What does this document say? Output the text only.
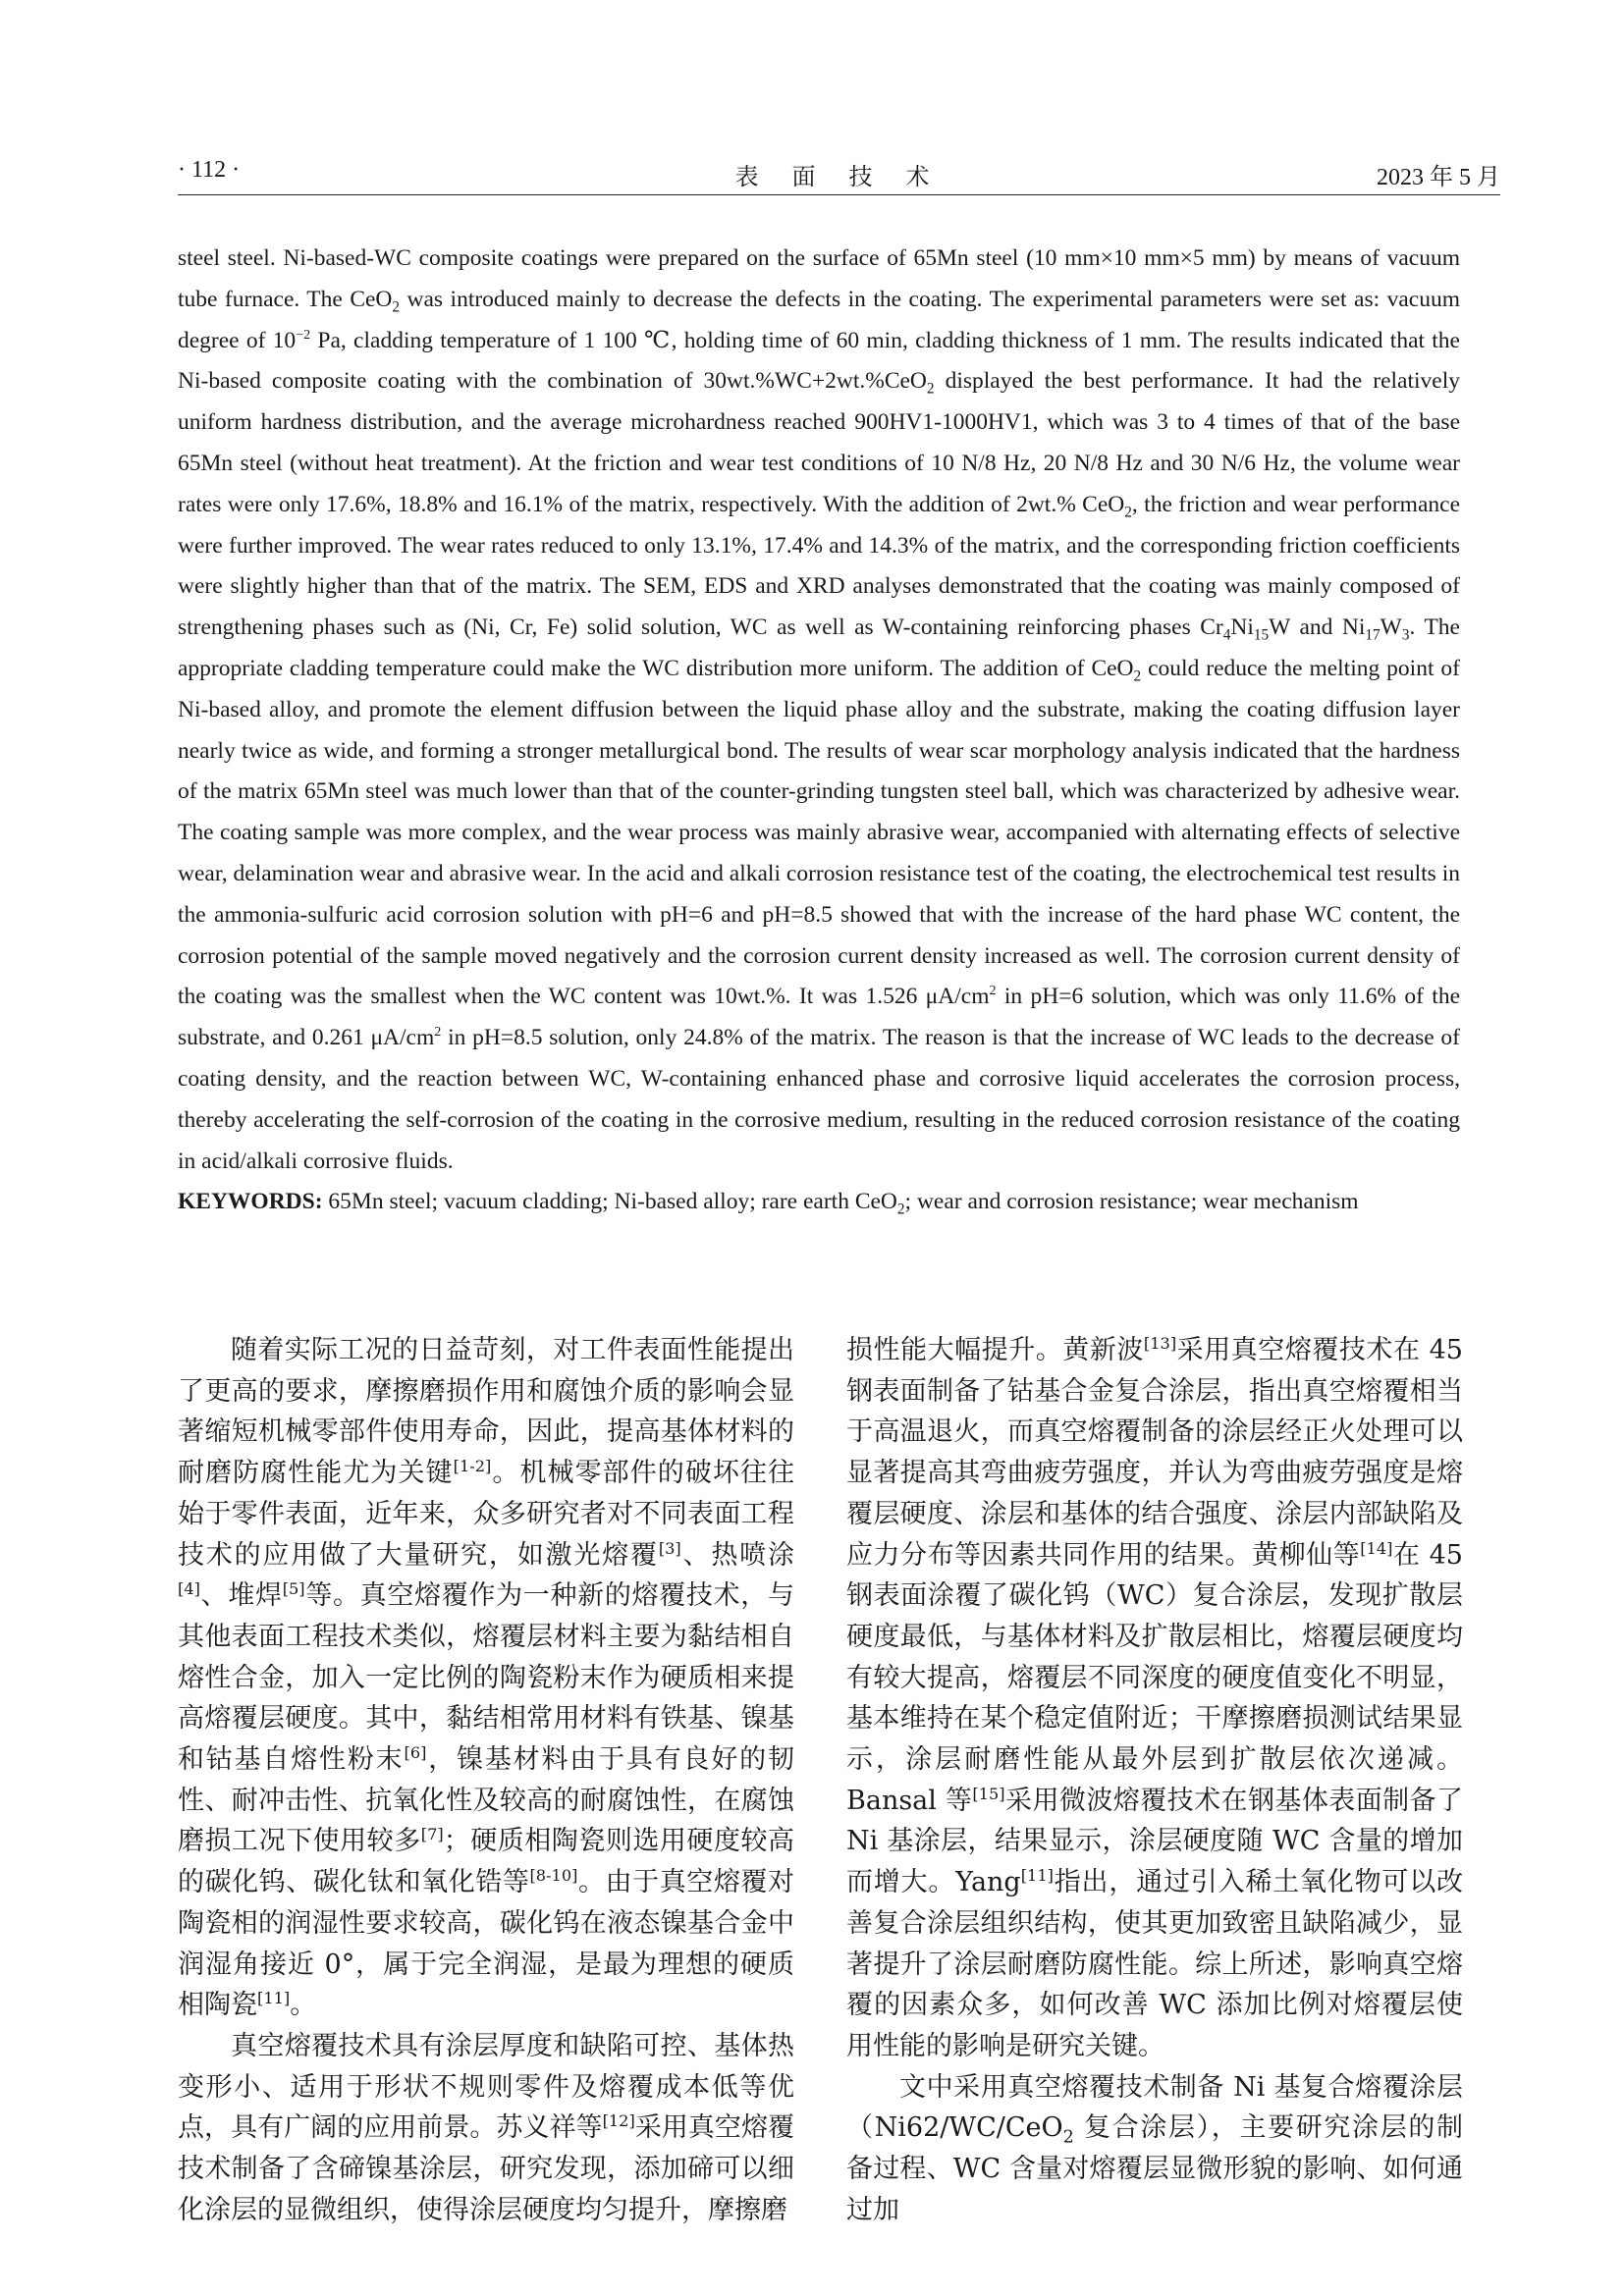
· 112 ·	表 面 技 术	2023 年 5 月

steel steel. Ni-based-WC composite coatings were prepared on the surface of 65Mn steel (10 mm×10 mm×5 mm) by means of vacuum tube furnace. The CeO$_2$ was introduced mainly to decrease the defects in the coating. The experimental parameters were set as: vacuum degree of $10^{-2}$ Pa, cladding temperature of 1 100 ℃, holding time of 60 min, cladding thickness of 1 mm. The results indicated that the Ni-based composite coating with the combination of 30wt.%WC+2wt.%CeO$_2$ displayed the best performance. It had the relatively uniform hardness distribution, and the average microhardness reached 900HV1-1000HV1, which was 3 to 4 times of that of the base 65Mn steel (without heat treatment). At the friction and wear test conditions of 10 N/8 Hz, 20 N/8 Hz and 30 N/6 Hz, the volume wear rates were only 17.6%, 18.8% and 16.1% of the matrix, respectively. With the addition of 2wt.% CeO$_2$, the friction and wear performance were further improved. The wear rates reduced to only 13.1%, 17.4% and 14.3% of the matrix, and the corresponding friction coefficients were slightly higher than that of the matrix. The SEM, EDS and XRD analyses demonstrated that the coating was mainly composed of strengthening phases such as (Ni, Cr, Fe) solid solution, WC as well as W-containing reinforcing phases $Cr_4Ni_{15}W$ and $Ni_{17}W_3$. The appropriate cladding temperature could make the WC distribution more uniform. The addition of CeO$_2$ could reduce the melting point of Ni-based alloy, and promote the element diffusion between the liquid phase alloy and the substrate, making the coating diffusion layer nearly twice as wide, and forming a stronger metallurgical bond. The results of wear scar morphology analysis indicated that the hardness of the matrix 65Mn steel was much lower than that of the counter-grinding tungsten steel ball, which was characterized by adhesive wear. The coating sample was more complex, and the wear process was mainly abrasive wear, accompanied with alternating effects of selective wear, delamination wear and abrasive wear. In the acid and alkali corrosion resistance test of the coating, the electrochemical test results in the ammonia-sulfuric acid corrosion solution with pH=6 and pH=8.5 showed that with the increase of the hard phase WC content, the corrosion potential of the sample moved negatively and the corrosion current density increased as well. The corrosion current density of the coating was the smallest when the WC content was 10wt.%. It was 1.526 $\mu A/cm^2$ in pH=6 solution, which was only 11.6% of the substrate, and 0.261 $\mu A/cm^2$ in pH=8.5 solution, only 24.8% of the matrix. The reason is that the increase of WC leads to the decrease of coating density, and the reaction between WC, W-containing enhanced phase and corrosive liquid accelerates the corrosion process, thereby accelerating the self-corrosion of the coating in the corrosive medium, resulting in the reduced corrosion resistance of the coating in acid/alkali corrosive fluids.

KEYWORDS: 65Mn steel; vacuum cladding; Ni-based alloy; rare earth CeO$_2$; wear and corrosion resistance; wear mechanism

随着实际工况的日益苛刻，对工件表面性能提出了更高的要求，摩擦磨损作用和腐蚀介质的影响会显著缩短机械零部件使用寿命，因此，提高基体材料的耐磨防腐性能尤为关键[1-2]。机械零部件的破坏往往始于零件表面，近年来，众多研究者对不同表面工程技术的应用做了大量研究，如激光熔覆[3]、热喷涂[4]、堆焊[5]等。真空熔覆作为一种新的熔覆技术，与其他表面工程技术类似，熔覆层材料主要为黏结相自熔性合金，加入一定比例的陶瓷粉末作为硬质相来提高熔覆层硬度。其中，黏结相常用材料有铁基、镍基和钴基自熔性粉末[6]，镍基材料由于具有良好的韧性、耐冲击性、抗氧化性及较高的耐腐蚀性，在腐蚀磨损工况下使用较多[7]；硬质相陶瓷则选用硬度较高的碳化钨、碳化钛和氧化锆等[8-10]。由于真空熔覆对陶瓷相的润湿性要求较高，碳化钨在液态镍基合金中润湿角接近 0°，属于完全润湿，是最为理想的硬质相陶瓷[11]。

真空熔覆技术具有涂层厚度和缺陷可控、基体热变形小、适用于形状不规则零件及熔覆成本低等优点，具有广阔的应用前景。苏义祥等[12]采用真空熔覆技术制备了含碲镍基涂层，研究发现，添加碲可以细化涂层的显微组织，使得涂层硬度均匀提升，摩擦磨

损性能大幅提升。黄新波[13]采用真空熔覆技术在 45 钢表面制备了钴基合金复合涂层，指出真空熔覆相当于高温退火，而真空熔覆制备的涂层经正火处理可以显著提高其弯曲疲劳强度，并认为弯曲疲劳强度是熔覆层硬度、涂层和基体的结合强度、涂层内部缺陷及应力分布等因素共同作用的结果。黄柳仙等[14]在 45 钢表面涂覆了碳化钨（WC）复合涂层，发现扩散层硬度最低，与基体材料及扩散层相比，熔覆层硬度均有较大提高，熔覆层不同深度的硬度值变化不明显，基本维持在某个稳定值附近；干摩擦磨损测试结果显示，涂层耐磨性能从最外层到扩散层依次递减。Bansal 等[15]采用微波熔覆技术在钢基体表面制备了 Ni 基涂层，结果显示，涂层硬度随 WC 含量的增加而增大。Yang[11]指出，通过引入稀土氧化物可以改善复合涂层组织结构，使其更加致密且缺陷减少，显著提升了涂层耐磨防腐性能。综上所述，影响真空熔覆的因素众多，如何改善 WC 添加比例对熔覆层使用性能的影响是研究关键。

文中采用真空熔覆技术制备 Ni 基复合熔覆涂层（Ni62/WC/CeO$_2$ 复合涂层），主要研究涂层的制备过程、WC 含量对熔覆层显微形貌的影响、如何通过加
